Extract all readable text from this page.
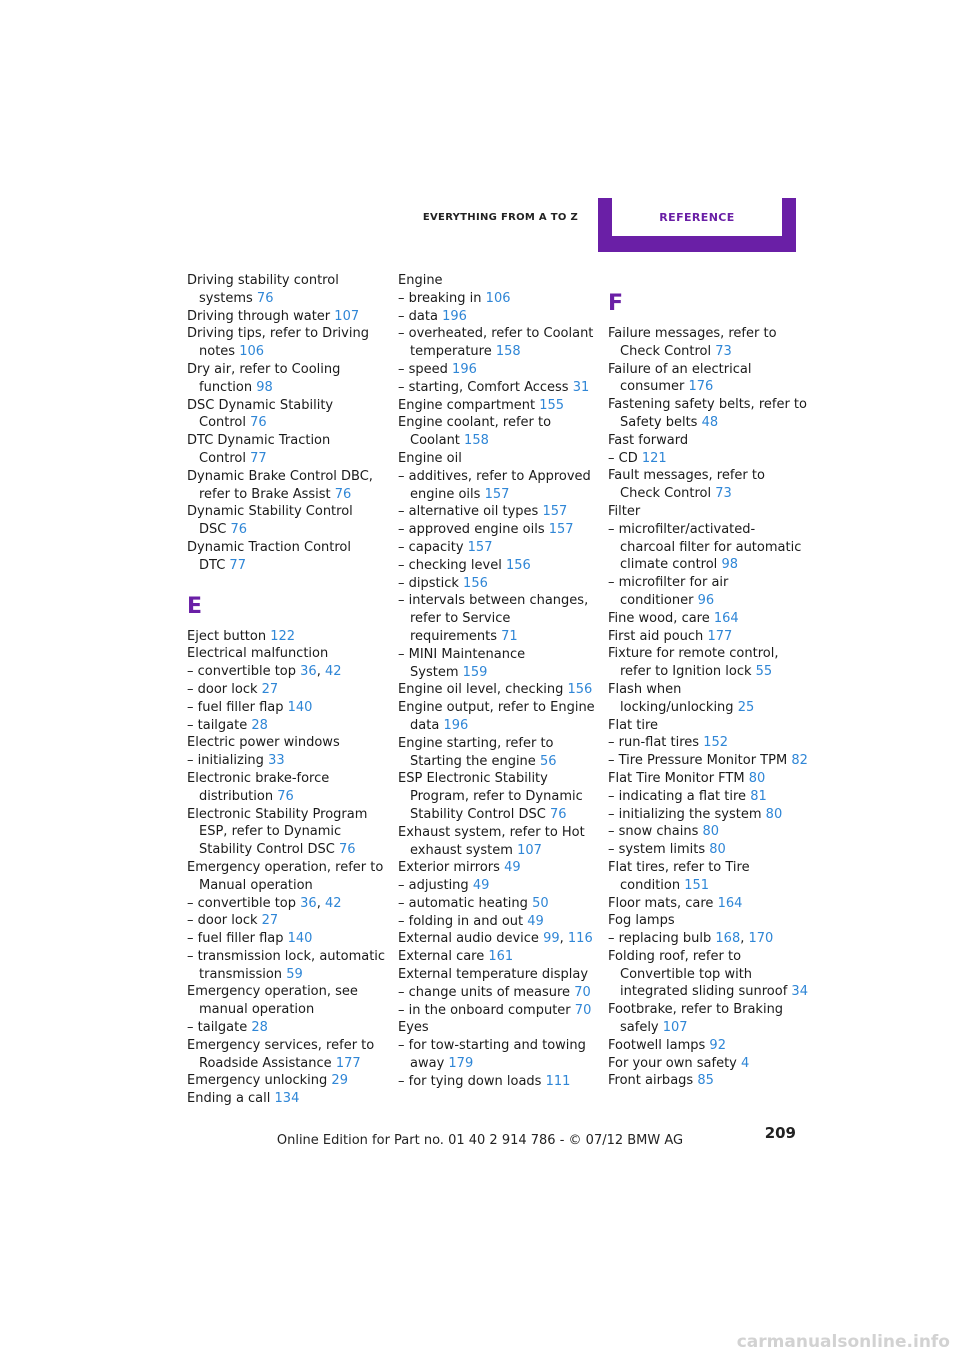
EVERYTHING FROM A TO Z	REFERENCE
Driving stability control systems 76
Driving through water 107
Driving tips, refer to Driving notes 106
Dry air, refer to Cooling function 98
DSC Dynamic Stability Control 76
DTC Dynamic Traction Control 77
Dynamic Brake Control DBC, refer to Brake Assist 76
Dynamic Stability Control DSC 76
Dynamic Traction Control DTC 77
E
Eject button 122
Electrical malfunction
– convertible top 36, 42
– door lock 27
– fuel filler flap 140
– tailgate 28
Electric power windows
– initializing 33
Electronic brake-force distribution 76
Electronic Stability Program ESP, refer to Dynamic Stability Control DSC 76
Emergency operation, refer to Manual operation
– convertible top 36, 42
– door lock 27
– fuel filler flap 140
– transmission lock, automatic transmission 59
Emergency operation, see manual operation
– tailgate 28
Emergency services, refer to Roadside Assistance 177
Emergency unlocking 29
Ending a call 134
Engine
– breaking in 106
– data 196
– overheated, refer to Coolant temperature 158
– speed 196
– starting, Comfort Access 31
Engine compartment 155
Engine coolant, refer to Coolant 158
Engine oil
– additives, refer to Approved engine oils 157
– alternative oil types 157
– approved engine oils 157
– capacity 157
– checking level 156
– dipstick 156
– intervals between changes, refer to Service requirements 71
– MINI Maintenance System 159
Engine oil level, checking 156
Engine output, refer to Engine data 196
Engine starting, refer to Starting the engine 56
ESP Electronic Stability Program, refer to Dynamic Stability Control DSC 76
Exhaust system, refer to Hot exhaust system 107
Exterior mirrors 49
– adjusting 49
– automatic heating 50
– folding in and out 49
External audio device 99, 116
External care 161
External temperature display
– change units of measure 70
– in the onboard computer 70
Eyes
– for tow-starting and towing away 179
– for tying down loads 111
F
Failure messages, refer to Check Control 73
Failure of an electrical consumer 176
Fastening safety belts, refer to Safety belts 48
Fast forward
– CD 121
Fault messages, refer to Check Control 73
Filter
– microfilter/activated-charcoal filter for automatic climate control 98
– microfilter for air conditioner 96
Fine wood, care 164
First aid pouch 177
Fixture for remote control, refer to Ignition lock 55
Flash when locking/unlocking 25
Flat tire
– run-flat tires 152
– Tire Pressure Monitor TPM 82
Flat Tire Monitor FTM 80
– indicating a flat tire 81
– initializing the system 80
– snow chains 80
– system limits 80
Flat tires, refer to Tire condition 151
Floor mats, care 164
Fog lamps
– replacing bulb 168, 170
Folding roof, refer to Convertible top with integrated sliding sunroof 34
Footbrake, refer to Braking safely 107
Footwell lamps 92
For your own safety 4
Front airbags 85
209
Online Edition for Part no. 01 40 2 914 786 - © 07/12 BMW AG
carmanualsonline.info
